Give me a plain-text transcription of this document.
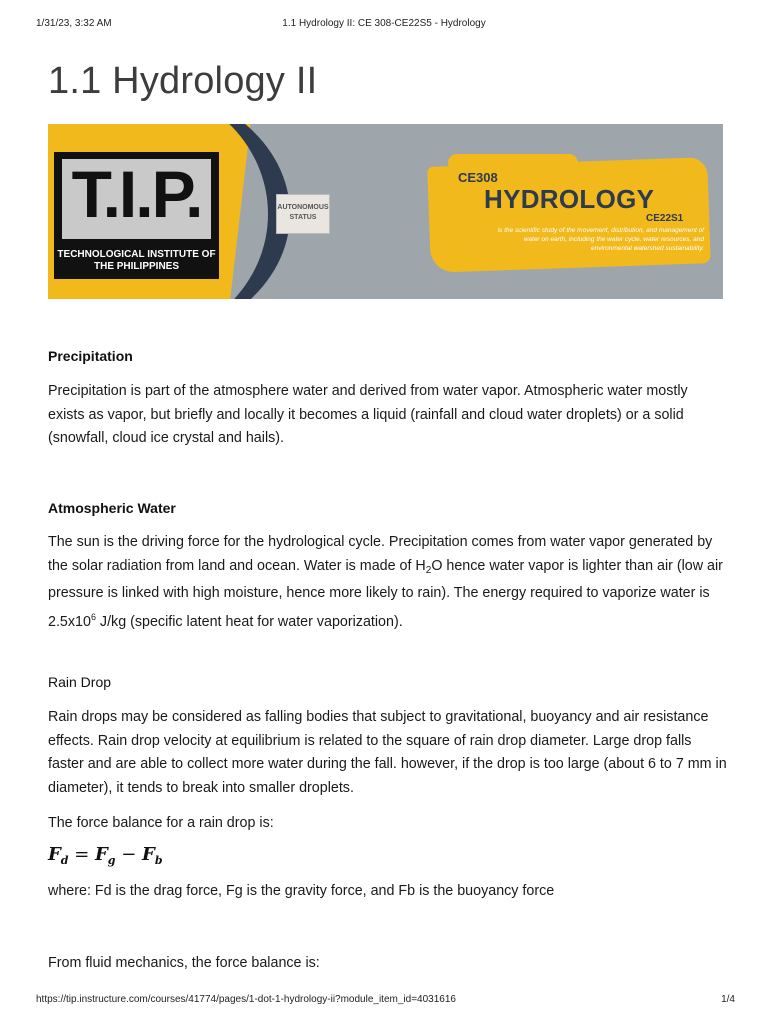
1/31/23, 3:32 AM	1.1 Hydrology II: CE 308-CE22S5 - Hydrology
1.1 Hydrology II
T.I.P.
TECHNOLOGICAL INSTITUTE OF THE PHILIPPINES
CE308
HYDROLOGY
CE22S1
is the scientific study of the movement, distribution, and management of water on earth, including the water cycle, water resources, and environmental watershed sustainability.
AUTONOMOUS STATUS
Precipitation

Precipitation is part of the atmosphere water and derived from water vapor. Atmospheric water mostly exists as vapor, but briefly and locally it becomes a liquid (rainfall and cloud water droplets) or a solid (snowfall, cloud ice crystal and hails).

Atmospheric Water

The sun is the driving force for the hydrological cycle. Precipitation comes from water vapor generated by the solar radiation from land and ocean. Water is made of $H_2O$ hence water vapor is lighter than air (low air pressure is linked with high moisture, hence more likely to rain). The energy required to vaporize water is $2.5x10^6$ J/kg (specific latent heat for water vaporization).

Rain Drop

Rain drops may be considered as falling bodies that subject to gravitational, buoyancy and air resistance effects. Rain drop velocity at equilibrium is related to the square of rain drop diameter. Large drop falls faster and are able to collect more water during the fall. however, if the drop is too large (about 6 to 7 mm in diameter), it tends to break into smaller droplets.

The force balance for a rain drop is:

$F_d = F_g - F_b$

where: Fd is the drag force, Fg is the gravity force, and Fb is the buoyancy force

From fluid mechanics, the force balance is:

https://tip.instructure.com/courses/41774/pages/1-dot-1-hydrology-ii?module_item_id=4031616	1/4
